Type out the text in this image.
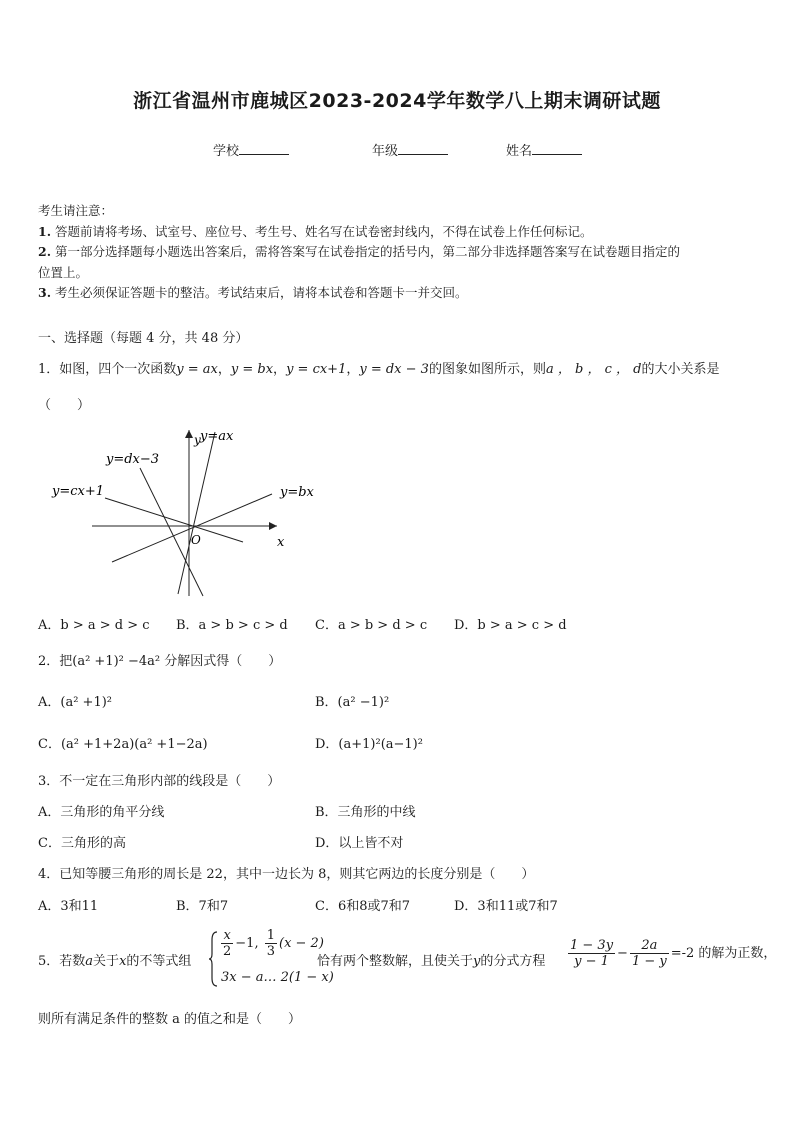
浙江省温州市鹿城区2023-2024学年数学八上期末调研试题
学校	年级	姓名
考生请注意：
1. 答题前请将考场、试室号、座位号、考生号、姓名写在试卷密封线内，不得在试卷上作任何标记。
2. 第一部分选择题每小题选出答案后，需将答案写在试卷指定的括号内，第二部分非选择题答案写在试卷题目指定的
位置上。
3. 考生必须保证答题卡的整洁。考试结束后，请将本试卷和答题卡一并交回。
一、选择题（每题 4 分，共 48 分）
1．如图，四个一次函数y = ax，y = bx，y = cx+1，y = dx − 3的图象如图所示，则a ， b ， c ， d的大小关系是
（　　）
y=ax
y=dx−3
y=cx+1	y=bx
y
x
O
A．b > a > d > c B．a > b > c > d C．a > b > d > c D．b > a > c > d
2．把(a² +1)² −4a² 分解因式得（　　）
A．(a² +1)²	B．(a² −1)²
C．(a² +1+2a)(a² +1−2a)	D．(a+1)²(a−1)²
3．不一定在三角形内部的线段是（　　）
A．三角形的角平分线	B．三角形的中线
C．三角形的高	D．以上皆不对
4．已知等腰三角形的周长是 22，其中一边长为 8，则其它两边的长度分别是（　　）
A．3和11	B．7和7	C．6和8或7和7	D．3和11或7和7
5．若数a关于x的不等式组
$\frac{x}{2} -1$, $\frac{1}{3} (x - 2)$
3x − a… 2(1 − x)
恰有两个整数解，且使关于y的分式方程 $\frac{1 - 3y}{y - 1} - \frac{2a}{1 - y} =-2$ 的解为正数，
则所有满足条件的整数 a 的值之和是（　　）
